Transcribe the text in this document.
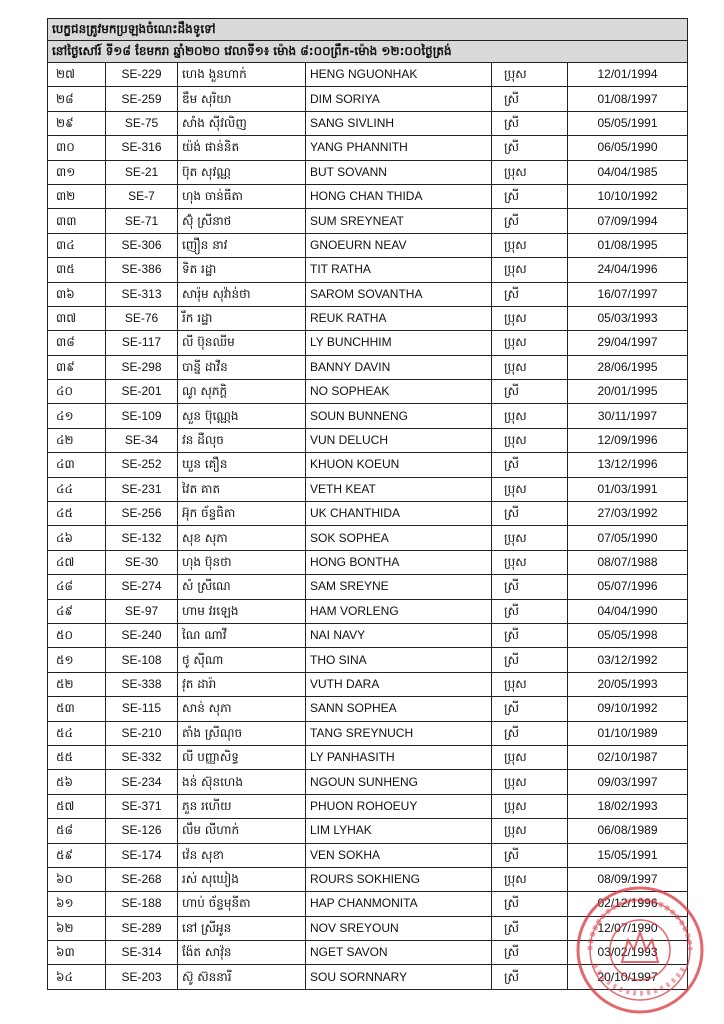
បេក្ខជនត្រូវមកប្រឡងចំណេះដឹងទូទៅ					
នៅថ្ងៃសៅរ៍ ទី១៨ ខែមករា ឆ្នាំ២០២០ វេលាទី១៖ ម៉ោង ៨:០០ព្រឹក-ម៉ោង ១២:០០ថ្ងៃត្រង់					
២៧	SE-229	ហេង ងួនហាក់	HENG NGUONHAK	ប្រុស	12/01/1994
២៨	SE-259	ឌឹម សុរិយា	DIM SORIYA	ស្រី	01/08/1997
២៩	SE-75	សាំង ស៊ីវលិញ	SANG SIVLINH	ស្រី	05/05/1991
៣០	SE-316	យ៉ង់ ផាន់និត	YANG PHANNITH	ស្រី	06/05/1990
៣១	SE-21	ប៊ុត សុវណ្ណ	BUT SOVANN	ប្រុស	04/04/1985
៣២	SE-7	ហុង ចាន់ធីតា	HONG CHAN THIDA	ស្រី	10/10/1992
៣៣	SE-71	ស៊ុំ ស្រីនាថ	SUM SREYNEAT	ស្រី	07/09/1994
៣៤	SE-306	ញឿន នាវ	GNOEURN NEAV	ប្រុស	01/08/1995
៣៥	SE-386	ទិត រដ្ឋា	TIT RATHA	ប្រុស	24/04/1996
៣៦	SE-313	សារ៉ុម សុវ៉ាន់ថា	SAROM SOVANTHA	ស្រី	16/07/1997
៣៧	SE-76	រឹក រដ្ឋា	REUK RATHA	ប្រុស	05/03/1993
៣៨	SE-117	លី ប៊ុនឈីម	LY BUNCHHIM	ប្រុស	29/04/1997
៣៩	SE-298	បាន្នី ដាវីន	BANNY DAVIN	ប្រុស	28/06/1995
៤០	SE-201	ណូ សុភក្តិ	NO SOPHEAK	ស្រី	20/01/1995
៤១	SE-109	សួន ប៊ុណ្ណេង	SOUN BUNNENG	ប្រុស	30/11/1997
៤២	SE-34	វន ដឺលុច	VUN DELUCH	ប្រុស	12/09/1996
៤៣	SE-252	ឃួន គឿន	KHUON KOEUN	ស្រី	13/12/1996
៤៤	SE-231	វៃត គាត	VETH KEAT	ប្រុស	01/03/1991
៤៥	SE-256	អ៊ុក ច័ន្ទធិតា	UK CHANTHIDA	ស្រី	27/03/1992
៤៦	SE-132	សុខ សុភា	SOK SOPHEA	ប្រុស	07/05/1990
៤៧	SE-30	ហុង ប៊ុនថា	HONG BONTHA	ប្រុស	08/07/1988
៤៨	SE-274	សំ ស្រីណេ	SAM SREYNE	ស្រី	05/07/1996
៤៩	SE-97	ហាម វរឡេង	HAM VORLENG	ស្រី	04/04/1990
៥០	SE-240	ណៃ ណាវី	NAI NAVY	ស្រី	05/05/1998
៥១	SE-108	ថូ ស៊ីណា	THO SINA	ស្រី	03/12/1992
៥២	SE-338	វុត ដារ៉ា	VUTH DARA	ប្រុស	20/05/1993
៥៣	SE-115	សាន់ សុភា	SANN SOPHEA	ស្រី	09/10/1992
៥៤	SE-210	តាំង ស្រីណុច	TANG SREYNUCH	ស្រី	01/10/1989
៥៥	SE-332	លី បញ្ញាសិទ្ធ	LY PANHASITH	ប្រុស	02/10/1987
៥៦	SE-234	ងន់ ស៊ុនហេង	NGOUN SUNHENG	ប្រុស	09/03/1997
៥៧	SE-371	ភួន រហើយ	PHUON ROHOEUY	ប្រុស	18/02/1993
៥៨	SE-126	លឹម លីហាក់	LIM LYHAK	ប្រុស	06/08/1989
៥៩	SE-174	វ៉េន សុខា	VEN SOKHA	ស្រី	15/05/1991
៦០	SE-268	រស់ សុឃៀង	ROURS SOKHIENG	ប្រុស	08/09/1997
៦១	SE-188	ហាប់ ច័ន្ទមុនីតា	HAP CHANMONITA	ស្រី	02/12/1996
៦២	SE-289	នៅ ស្រីអូន	NOV SREYOUN	ស្រី	12/07/1990
៦៣	SE-314	ង៉ែត សាវ៉ុន	NGET SAVON	ស្រី	03/02/1993
៦៤	SE-203	ស៊ូ ស៊ននារី	SOU SORNNARY	ស្រី	20/10/1997
